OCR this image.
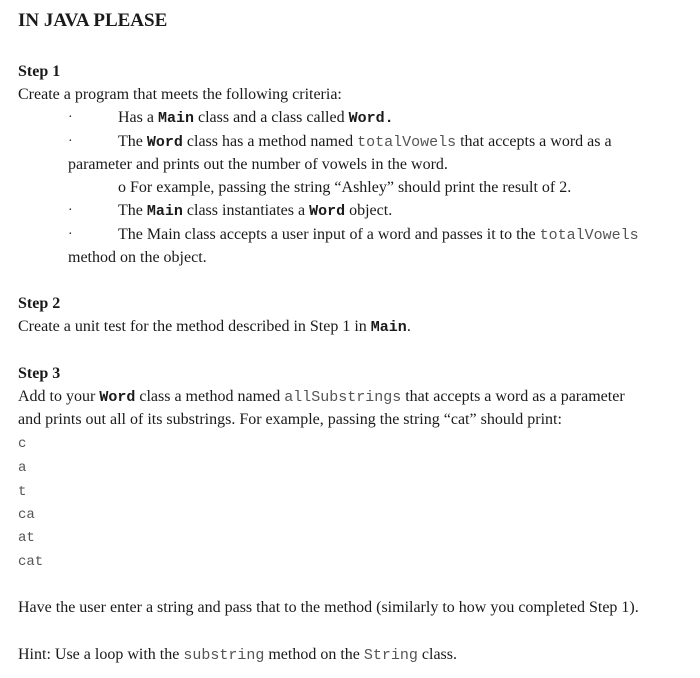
IN JAVA PLEASE
Step 1
Create a program that meets the following criteria:
·	Has a Main class and a class called Word.
·	The Word class has a method named totalVowels that accepts a word as a
parameter and prints out the number of vowels in the word.
o For example, passing the string “Ashley” should print the result of 2.
·	The Main class instantiates a Word object.
·	The Main class accepts a user input of a word and passes it to the totalVowels
method on the object.
Step 2
Create a unit test for the method described in Step 1 in Main.
Step 3
Add to your Word class a method named allSubstrings that accepts a word as a parameter
and prints out all of its substrings. For example, passing the string “cat” should print:
c
a
t
ca
at
cat
Have the user enter a string and pass that to the method (similarly to how you completed Step 1).
Hint: Use a loop with the substring method on the String class.
